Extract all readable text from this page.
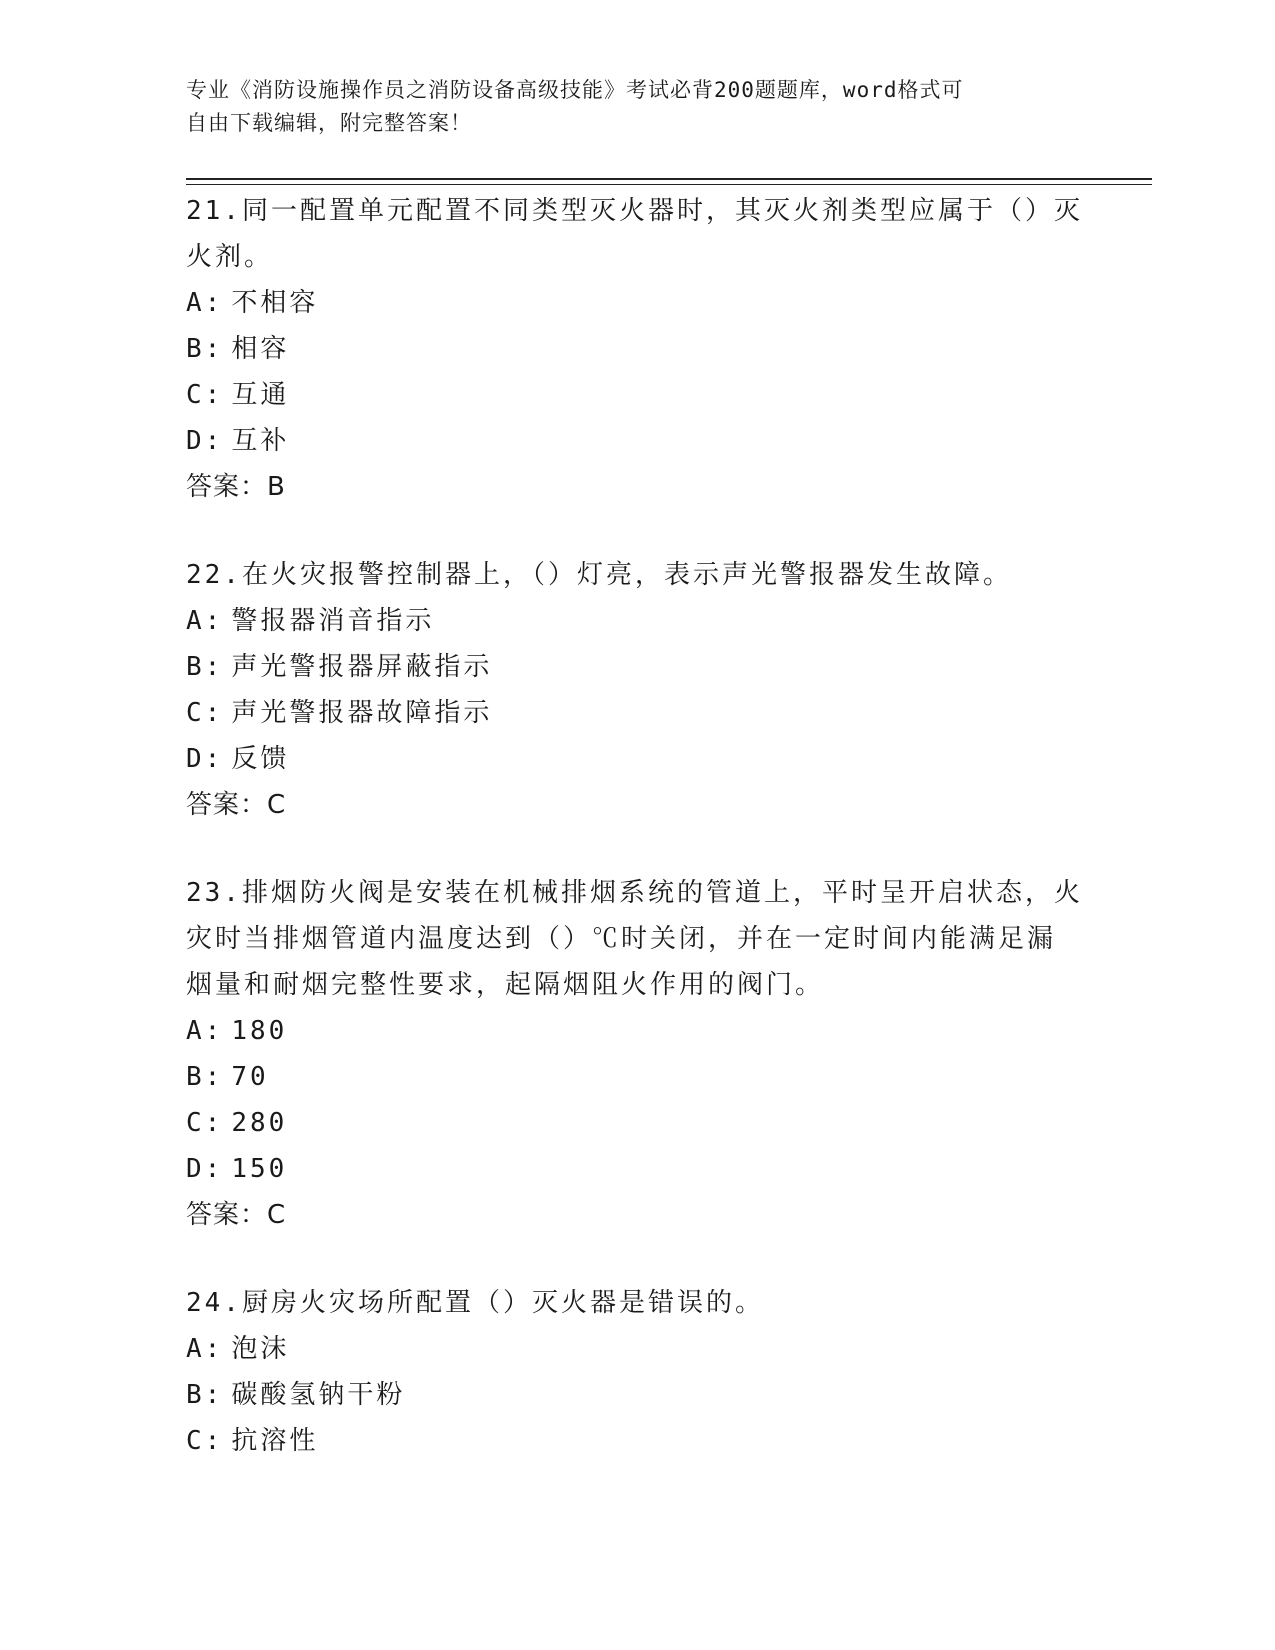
专业《消防设施操作员之消防设备高级技能》考试必背200题题库，word格式可
自由下载编辑，附完整答案！
21.同一配置单元配置不同类型灭火器时，其灭火剂类型应属于（）灭
火剂。
A: 不相容
B: 相容
C: 互通
D: 互补
答案：B
22.在火灾报警控制器上，（）灯亮，表示声光警报器发生故障。
A: 警报器消音指示
B: 声光警报器屏蔽指示
C: 声光警报器故障指示
D: 反馈
答案：C
23.排烟防火阀是安装在机械排烟系统的管道上，平时呈开启状态，火
灾时当排烟管道内温度达到（）℃时关闭，并在一定时间内能满足漏
烟量和耐烟完整性要求，起隔烟阻火作用的阀门。
A: 180
B: 70
C: 280
D: 150
答案：C
24.厨房火灾场所配置（）灭火器是错误的。
A: 泡沫
B: 碳酸氢钠干粉
C: 抗溶性
